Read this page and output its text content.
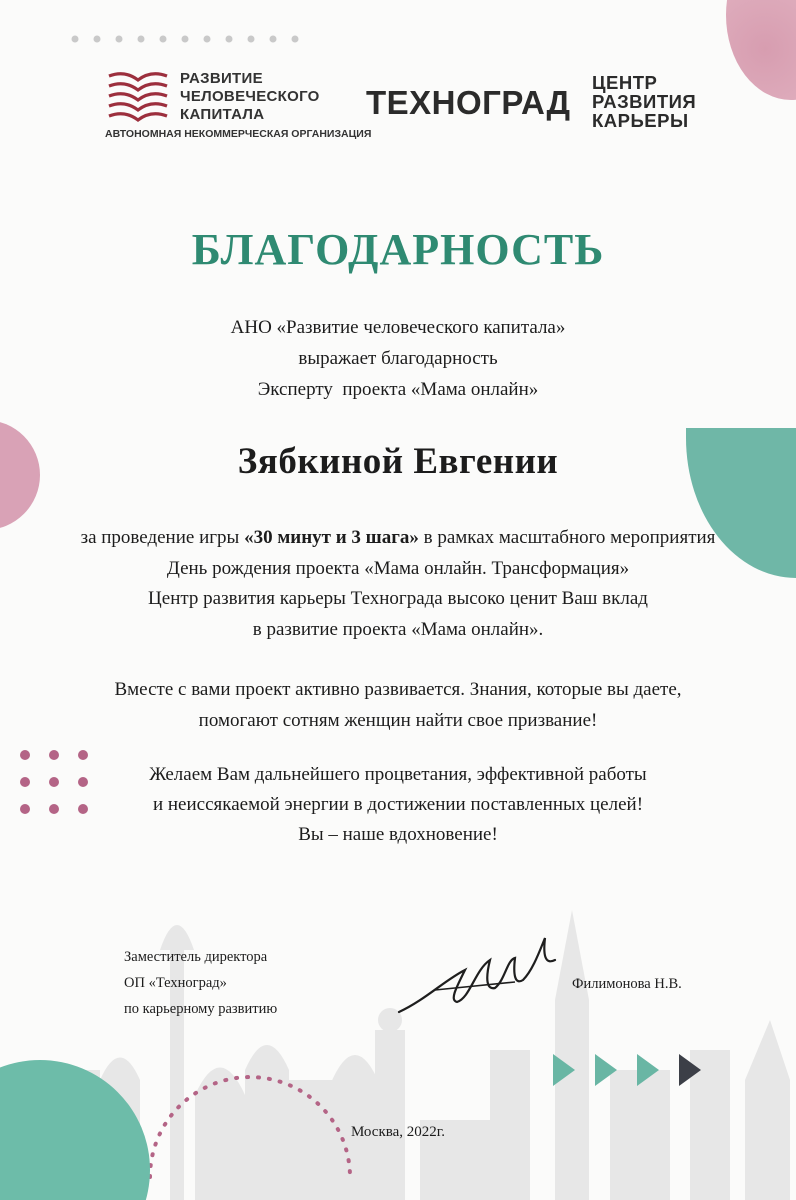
РАЗВИТИЕ
ЧЕЛОВЕЧЕСКОГО
КАПИТАЛА
АВТОНОМНАЯ НЕКОММЕРЧЕСКАЯ ОРГАНИЗАЦИЯ
ТЕХНОГРАД
ЦЕНТР
РАЗВИТИЯ
КАРЬЕРЫ
БЛАГОДАРНОСТЬ
АНО «Развитие человеческого капитала»
выражает благодарность
Эксперту  проекта «Мама онлайн»
Зябкиной Евгении
за проведение игры «30 минут и 3 шага» в рамках масштабного мероприятия
День рождения проекта «Мама онлайн. Трансформация»
Центр развития карьеры Технограда высоко ценит Ваш вклад
в развитие проекта «Мама онлайн».
Вместе с вами проект активно развивается. Знания, которые вы даете,
помогают сотням женщин найти свое призвание!
Желаем Вам дальнейшего процветания, эффективной работы
и неиссякаемой энергии в достижении поставленных целей!
Вы – наше вдохновение!
Заместитель директора
ОП «Техноград»
по карьерному развитию
Филимонова Н.В.
Москва, 2022г.
